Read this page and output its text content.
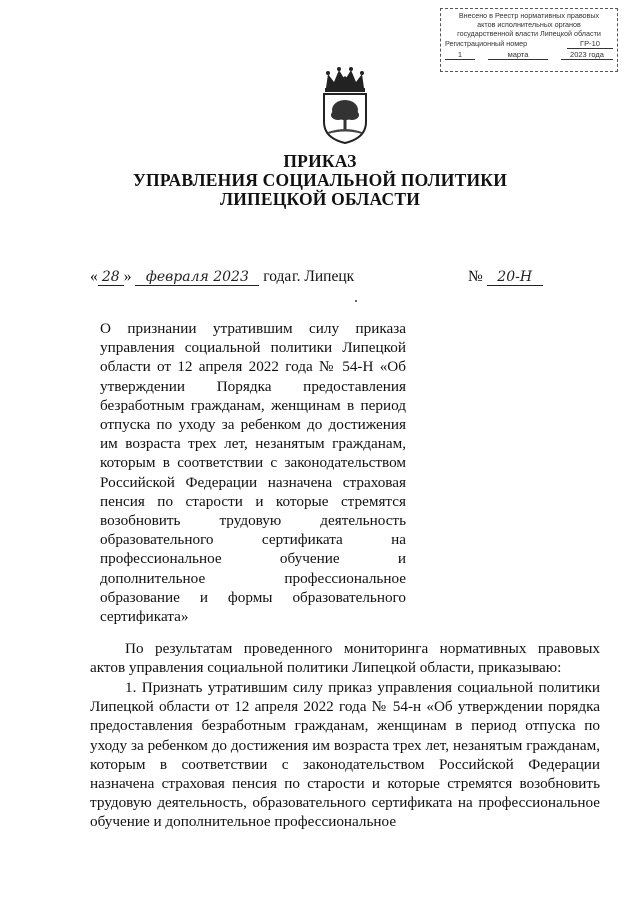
Внесено в Реестр нормативных правовых
актов исполнительных органов
государственной власти Липецкой области
Регистрационный номер	ГР-10
1	марта	2023 года
ПРИКАЗ
УПРАВЛЕНИЯ СОЦИАЛЬНОЙ ПОЛИТИКИ
ЛИПЕЦКОЙ ОБЛАСТИ
« 28 » февраля 2023 года г. Липецк	№ 20-Н
О признании утратившим силу приказа управления социальной политики Липецкой области от 12 апреля 2022 года № 54-Н «Об утверждении Порядка предоставления безработным гражданам, женщинам в период отпуска по уходу за ребенком до достижения им возраста трех лет, незанятым гражданам, которым в соответствии с законодательством Российской Федерации назначена страховая пенсия по старости и которые стремятся возобновить трудовую деятельность образовательного сертификата на профессиональное обучение и дополнительное профессиональное образование и формы образовательного сертификата»
По результатам проведенного мониторинга нормативных правовых актов управления социальной политики Липецкой области, приказываю:
1. Признать утратившим силу приказ управления социальной политики Липецкой области от 12 апреля 2022 года № 54-н «Об утверждении порядка предоставления безработным гражданам, женщинам в период отпуска по уходу за ребенком до достижения им возраста трех лет, незанятым гражданам, которым в соответствии с законодательством Российской Федерации назначена страховая пенсия по старости и которые стремятся возобновить трудовую деятельность, образовательного сертификата на профессиональное обучение и дополнительное профессиональное
